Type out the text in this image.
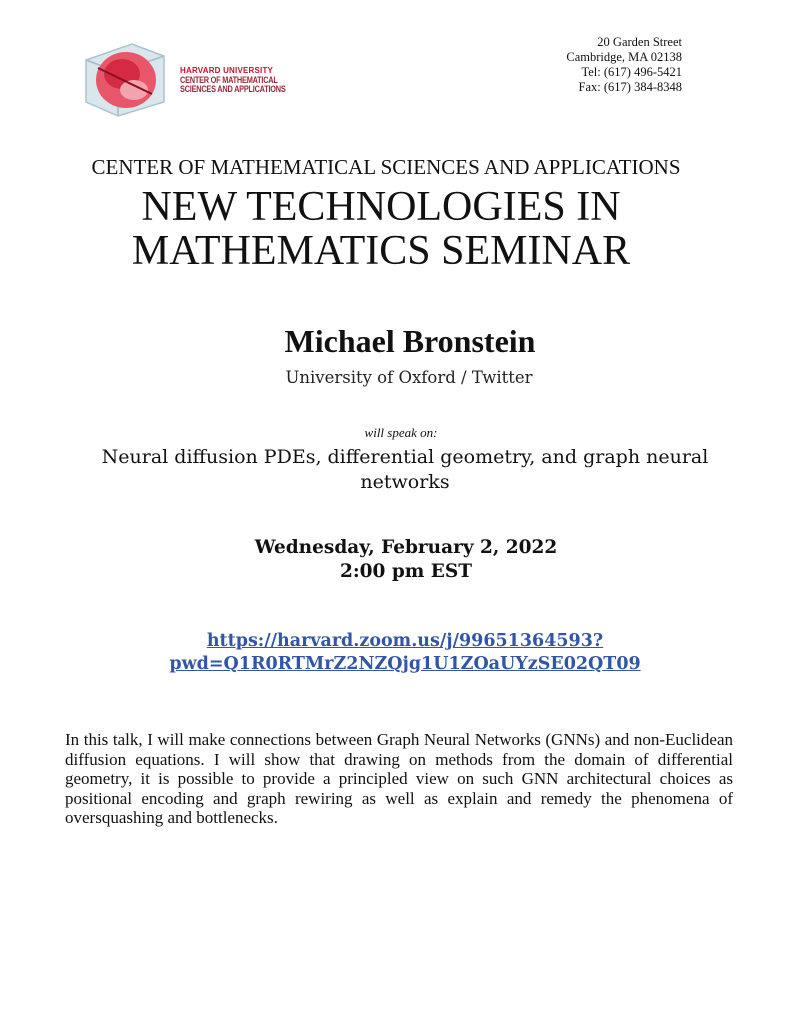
HARVARD UNIVERSITY
CENTER OF MATHEMATICAL
SCIENCES AND APPLICATIONS
20 Garden Street
Cambridge, MA 02138
Tel: (617) 496-5421
Fax: (617) 384-8348
CENTER OF MATHEMATICAL SCIENCES AND APPLICATIONS
NEW TECHNOLOGIES IN
MATHEMATICS SEMINAR
Michael Bronstein
University of Oxford / Twitter
will speak on:
Neural diffusion PDEs, differential geometry, and graph neural networks
Wednesday, February 2, 2022
2:00 pm EST
https://harvard.zoom.us/j/99651364593?
pwd=Q1R0RTMrZ2NZQjg1U1ZOaUYzSE02QT09
In this talk, I will make connections between Graph Neural Networks (GNNs) and non-Euclidean diffusion equations. I will show that drawing on methods from the domain of differential geometry, it is possible to provide a principled view on such GNN architectural choices as positional encoding and graph rewiring as well as explain and remedy the phenomena of oversquashing and bottlenecks.
